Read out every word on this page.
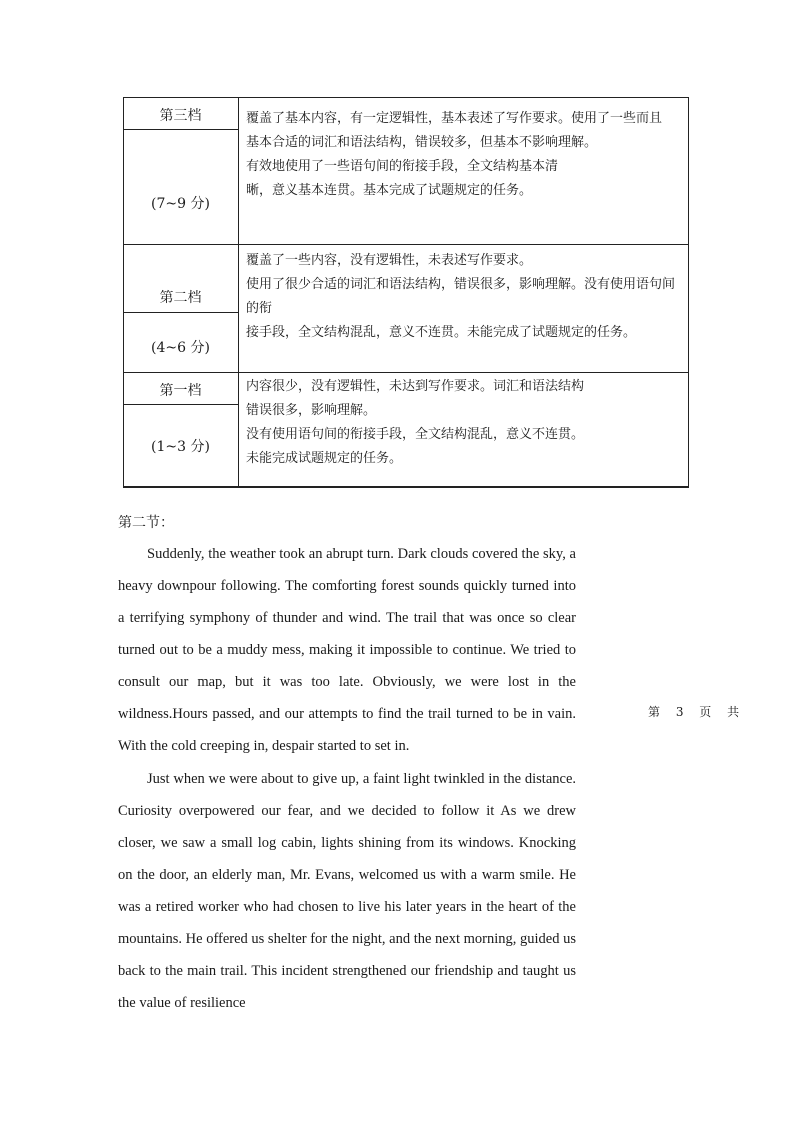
第三档
(7~9 分)
覆盖了基本内容，有一定逻辑性，基本表述了写作要求。使用了一些而且
基本合适的词汇和语法结构，错误较多，但基本不影响理解。
有效地使用了一些语句间的衔接手段，全文结构基本清
晰，意义基本连贯。基本完成了试题规定的任务。
第二档
(4~6 分)
覆盖了一些内容，没有逻辑性，未表述写作要求。
使用了很少合适的词汇和语法结构，错误很多，影响理解。没有使用语句间的衔
接手段，全文结构混乱，意义不连贯。未能完成了试题规定的任务。
第一档
(1~3 分)
内容很少，没有逻辑性，未达到写作要求。词汇和语法结构
错误很多，影响理解。
没有使用语句间的衔接手段，全文结构混乱，意义不连贯。
未能完成试题规定的任务。
第二节：

Suddenly, the weather took an abrupt turn. Dark clouds covered the sky, a heavy downpour following. The comforting forest sounds quickly turned into a terrifying symphony of thunder and wind. The trail that was once so clear turned out to be a muddy mess, making it impossible to continue. We tried to consult our map, but it was too late. Obviously, we were lost in the wildness.Hours passed, and our attempts to find the trail turned to be in vain. With the cold creeping in, despair started to set in.

Just when we were about to give up, a faint light twinkled in the distance. Curiosity overpowered our fear, and we decided to follow it As we drew closer, we saw a small log cabin, lights shining from its windows. Knocking on the door, an elderly man, Mr. Evans, welcomed us with a warm smile. He was a retired worker who had chosen to live his later years in the heart of the mountains. He offered us shelter for the night, and the next morning, guided us back to the main trail. This incident strengthened our friendship and taught us the value of resilience

第 3 页 共
